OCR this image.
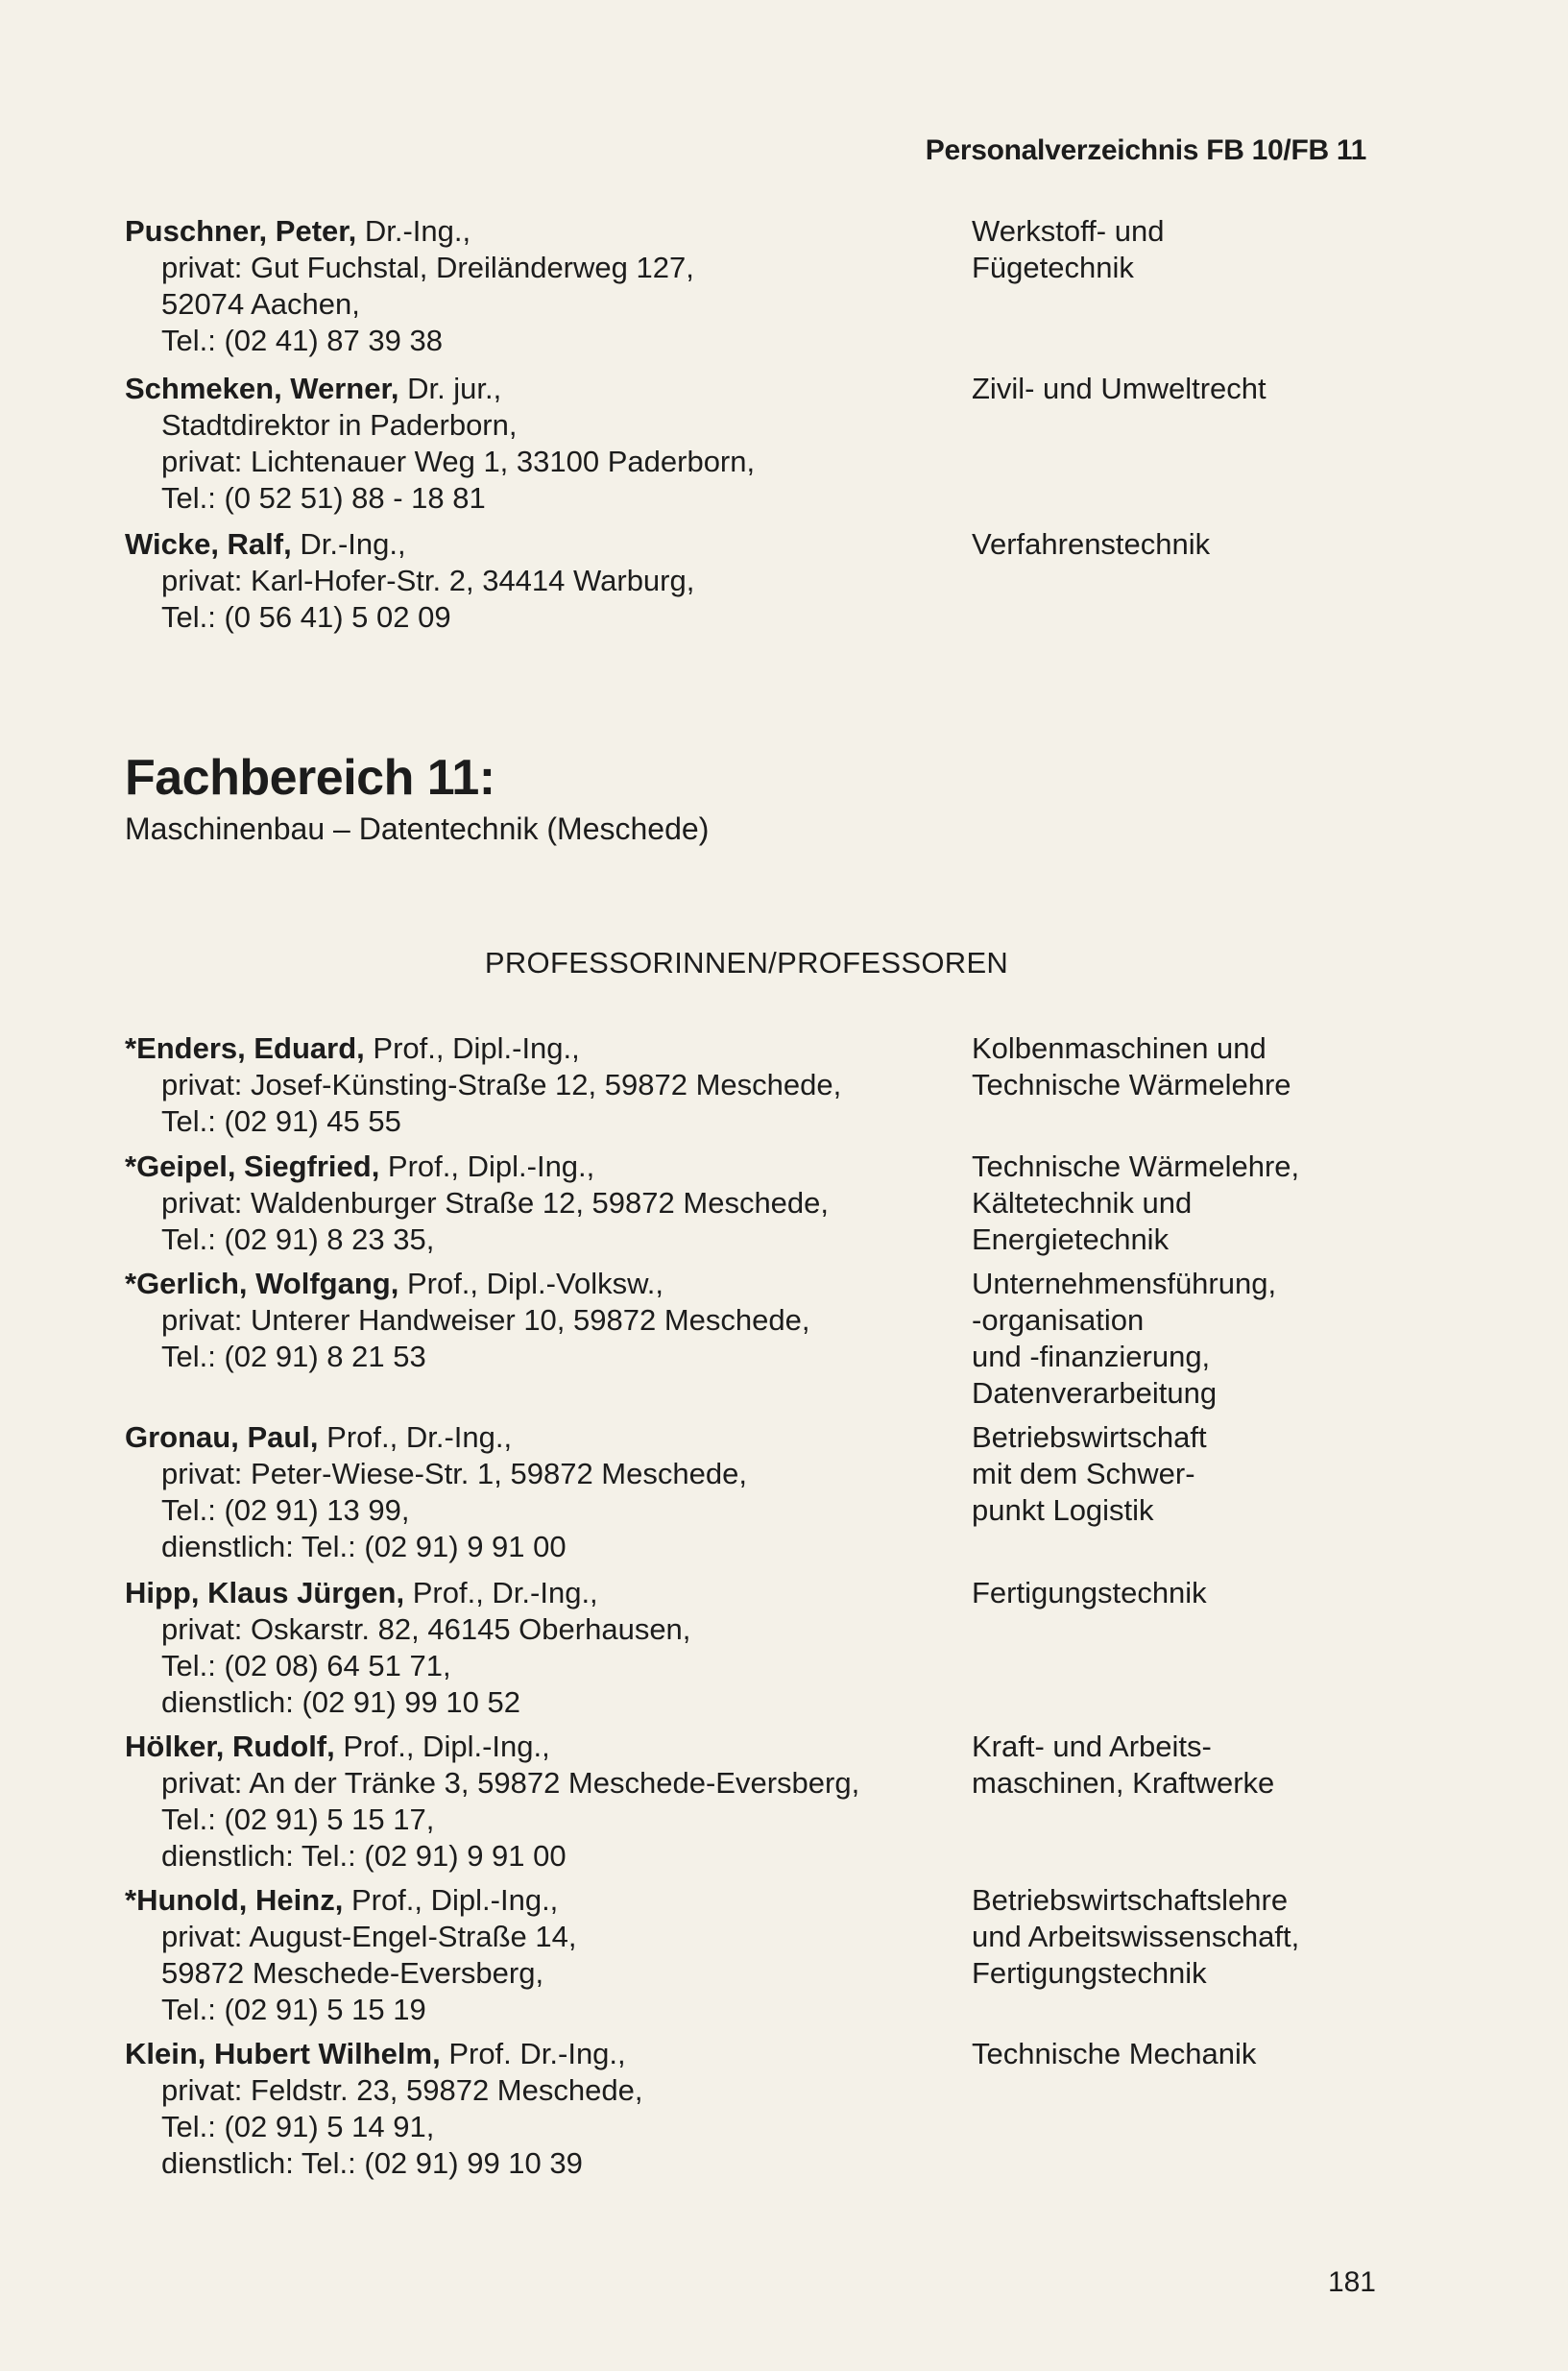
Personalverzeichnis FB 10/FB 11
Puschner, Peter, Dr.-Ing.,
privat: Gut Fuchstal, Dreiländerweg 127,
52074 Aachen,
Tel.: (02 41) 87 39 38
Werkstoff- und
Fügetechnik
Schmeken, Werner, Dr. jur.,
Stadtdirektor in Paderborn,
privat: Lichtenauer Weg 1, 33100 Paderborn,
Tel.: (0 52 51) 88 - 18 81
Zivil- und Umweltrecht
Wicke, Ralf, Dr.-Ing.,
privat: Karl-Hofer-Str. 2, 34414 Warburg,
Tel.: (0 56 41) 5 02 09
Verfahrenstechnik
Fachbereich 11:
Maschinenbau – Datentechnik (Meschede)
PROFESSORINNEN/PROFESSOREN
*Enders, Eduard, Prof., Dipl.-Ing.,
privat: Josef-Künsting-Straße 12, 59872 Meschede,
Tel.: (02 91) 45 55
Kolbenmaschinen und
Technische Wärmelehre
*Geipel, Siegfried, Prof., Dipl.-Ing.,
privat: Waldenburger Straße 12, 59872 Meschede,
Tel.: (02 91) 8 23 35,
Technische Wärmelehre,
Kältetechnik und
Energietechnik
*Gerlich, Wolfgang, Prof., Dipl.-Volksw.,
privat: Unterer Handweiser 10, 59872 Meschede,
Tel.: (02 91) 8 21 53
Unternehmensführung,
-organisation
und -finanzierung,
Datenverarbeitung
Gronau, Paul, Prof., Dr.-Ing.,
privat: Peter-Wiese-Str. 1, 59872 Meschede,
Tel.: (02 91) 13 99,
dienstlich: Tel.: (02 91) 9 91 00
Betriebswirtschaft
mit dem Schwer-
punkt Logistik
Hipp, Klaus Jürgen, Prof., Dr.-Ing.,
privat: Oskarstr. 82, 46145 Oberhausen,
Tel.: (02 08) 64 51 71,
dienstlich: (02 91) 99 10 52
Fertigungstechnik
Hölker, Rudolf, Prof., Dipl.-Ing.,
privat: An der Tränke 3, 59872 Meschede-Eversberg,
Tel.: (02 91) 5 15 17,
dienstlich: Tel.: (02 91) 9 91 00
Kraft- und Arbeits-
maschinen, Kraftwerke
*Hunold, Heinz, Prof., Dipl.-Ing.,
privat: August-Engel-Straße 14,
59872 Meschede-Eversberg,
Tel.: (02 91) 5 15 19
Betriebswirtschaftslehre
und Arbeitswissenschaft,
Fertigungstechnik
Klein, Hubert Wilhelm, Prof. Dr.-Ing.,
privat: Feldstr. 23, 59872 Meschede,
Tel.: (02 91) 5 14 91,
dienstlich: Tel.: (02 91) 99 10 39
Technische Mechanik
181
